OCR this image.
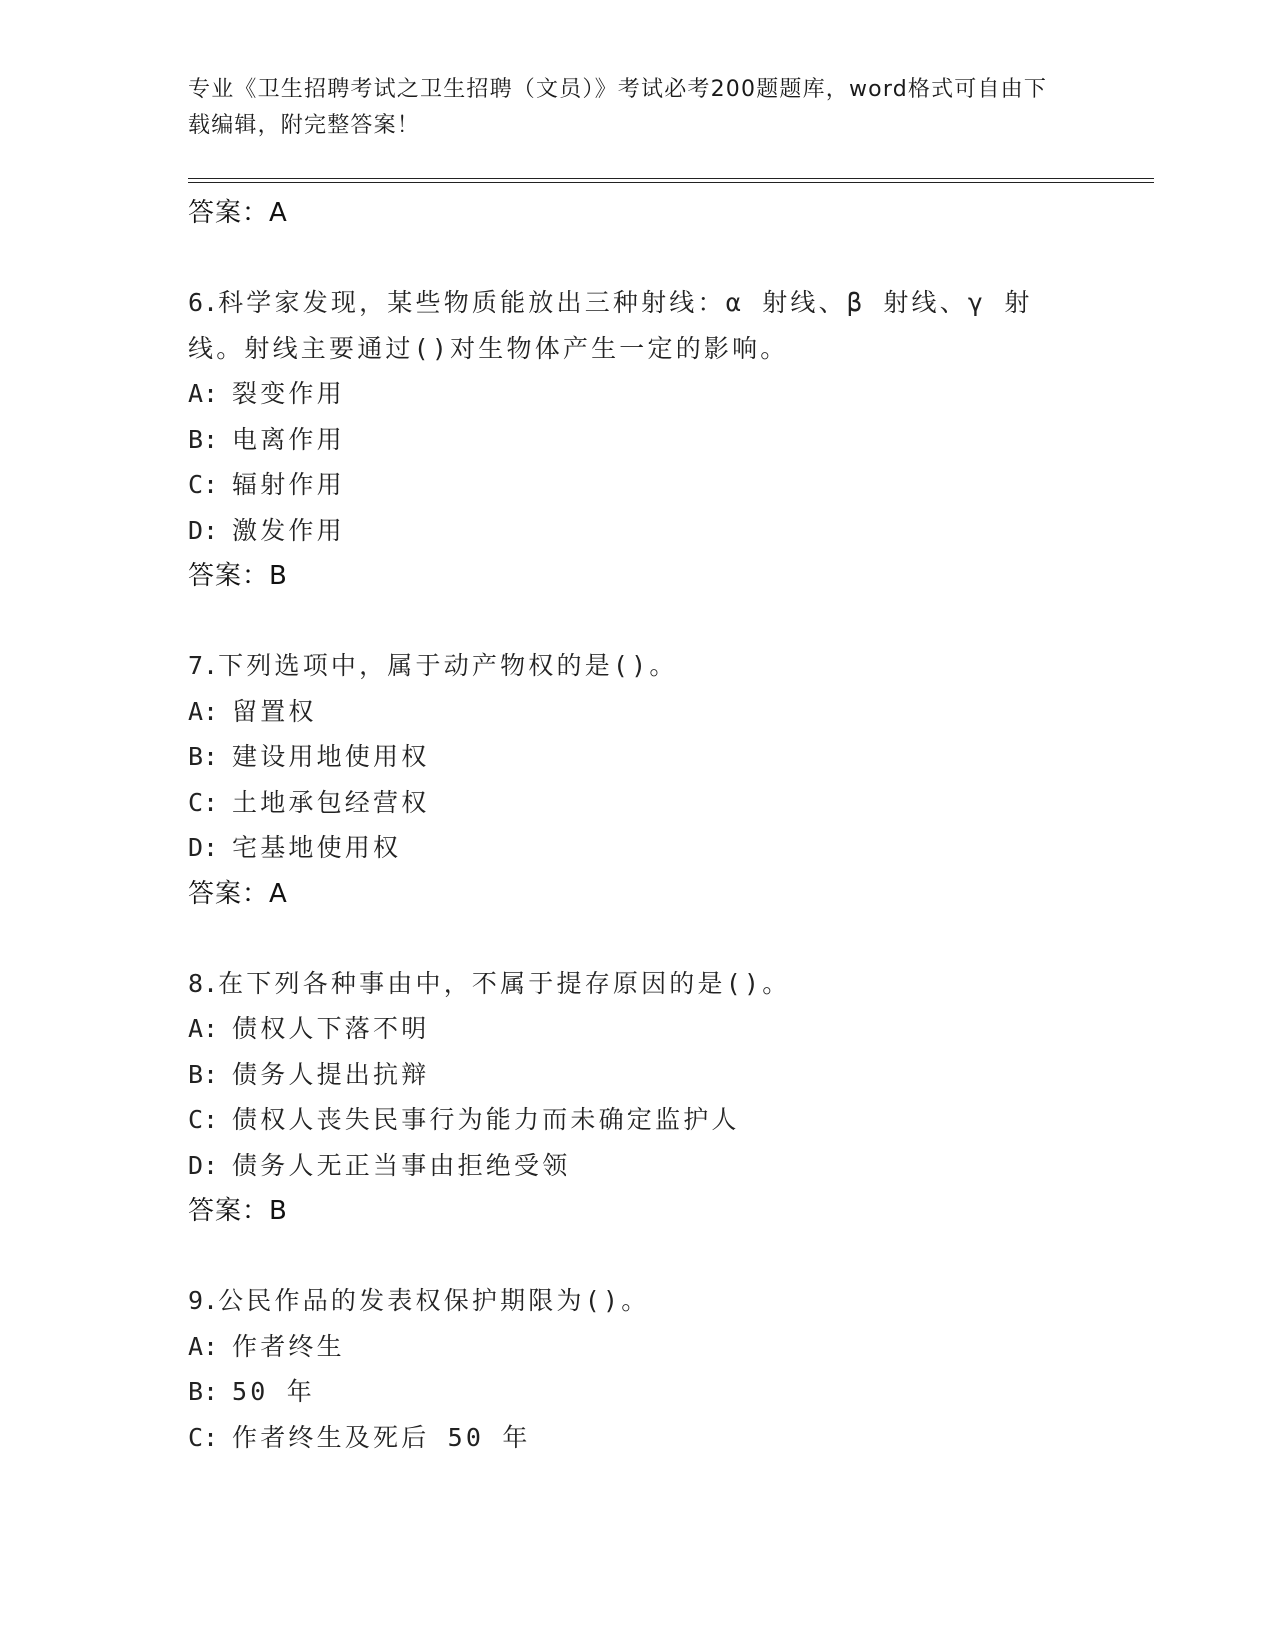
专业《卫生招聘考试之卫生招聘（文员）》考试必考200题题库，word格式可自由下载编辑，附完整答案！
答案：A
6.科学家发现，某些物质能放出三种射线：α 射线、β 射线、γ 射线。射线主要通过()对生物体产生一定的影响。
A: 裂变作用
B: 电离作用
C: 辐射作用
D: 激发作用
答案：B
7.下列选项中，属于动产物权的是()。
A: 留置权
B: 建设用地使用权
C: 土地承包经营权
D: 宅基地使用权
答案：A
8.在下列各种事由中，不属于提存原因的是()。
A: 债权人下落不明
B: 债务人提出抗辩
C: 债权人丧失民事行为能力而未确定监护人
D: 债务人无正当事由拒绝受领
答案：B
9.公民作品的发表权保护期限为()。
A: 作者终生
B: 50 年
C: 作者终生及死后 50 年
